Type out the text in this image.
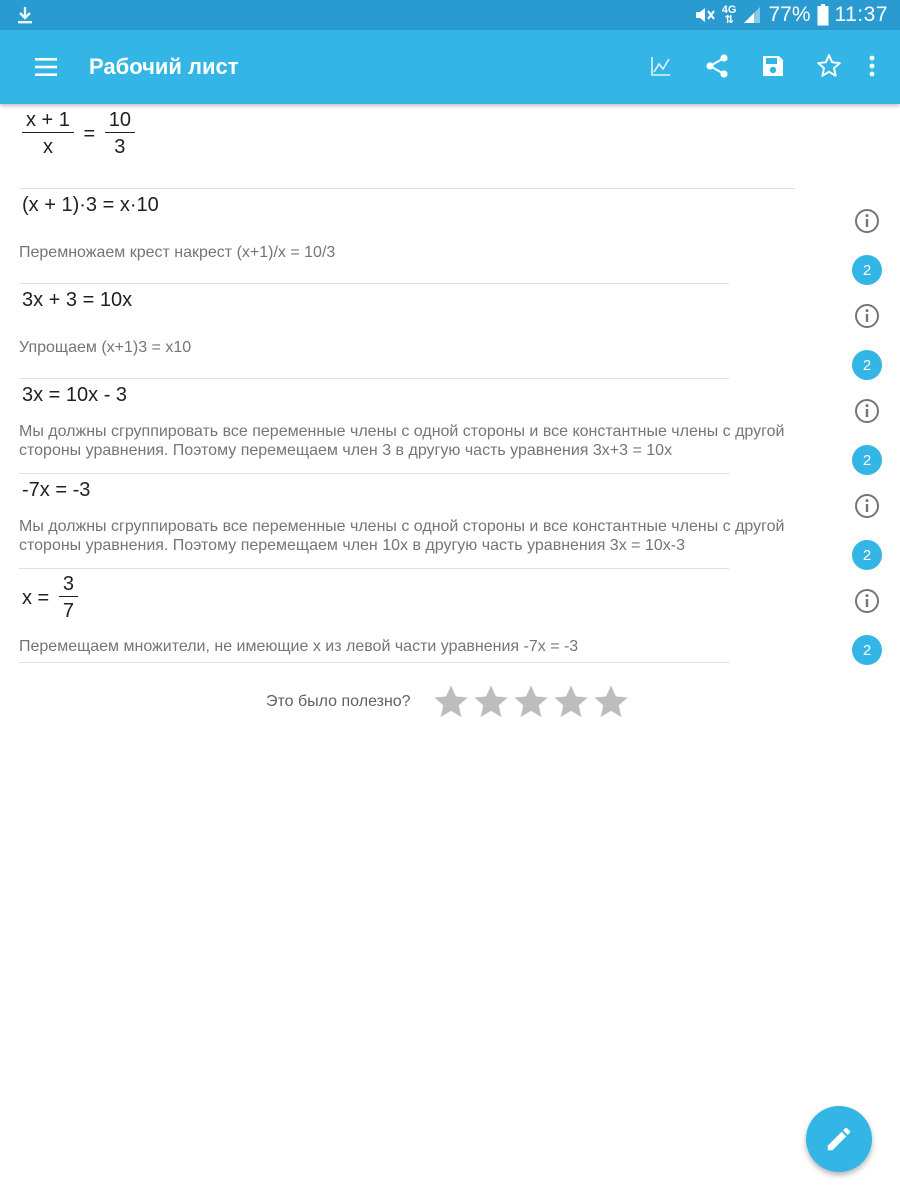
4G
⇅ 77% 11:37
Рабочий лист
$\frac{x + 1}{x} = \frac{10}{3}$
(x + 1)·3 = x·10
Перемножаем крест накрест (x+1)/x = 10/3
3x + 3 = 10x
Упрощаем (x+1)3 = x10
3x = 10x - 3
Мы должны сгруппировать все переменные члены с одной стороны и все константные члены с другой стороны уравнения. Поэтому перемещаем член 3 в другую часть уравнения 3x+3 = 10x
-7x = -3
Мы должны сгруппировать все переменные члены с одной стороны и все константные члены с другой стороны уравнения. Поэтому перемещаем член 10x в другую часть уравнения 3x = 10x-3
$x = \frac{3}{7}$
Перемещаем множители, не имеющие x из левой части уравнения -7x = -3
2
2
2
2
2
Это было полезно?
